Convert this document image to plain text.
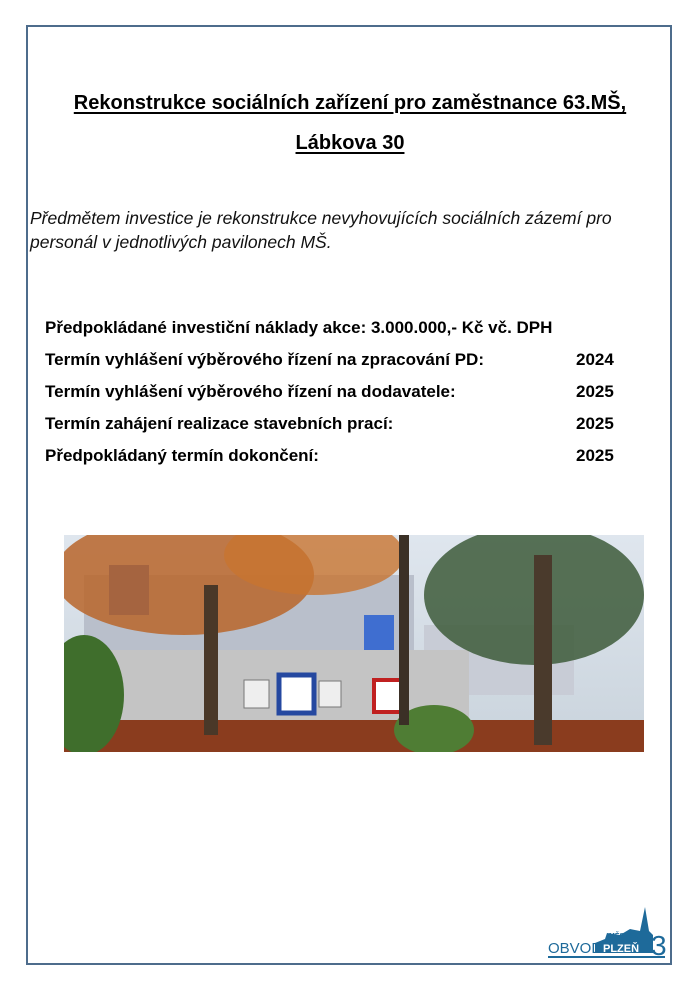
Rekonstrukce sociálních zařízení pro zaměstnance 63.MŠ,
Lábkova 30
Předmětem investice je rekonstrukce nevyhovujících sociálních zázemí pro personál v jednotlivých pavilonech MŠ.
Předpokládané investiční náklady akce: 3.000.000,- Kč vč. DPH
Termín vyhlášení výběrového řízení na zpracování PD:	2024
Termín vyhlášení výběrového řízení na dodavatele:	2025
Termín zahájení realizace stavebních prací:	2025
Předpokládaný termín dokončení:	2025
MĚSTSKÝ
OBVOD PLZEŇ 3
